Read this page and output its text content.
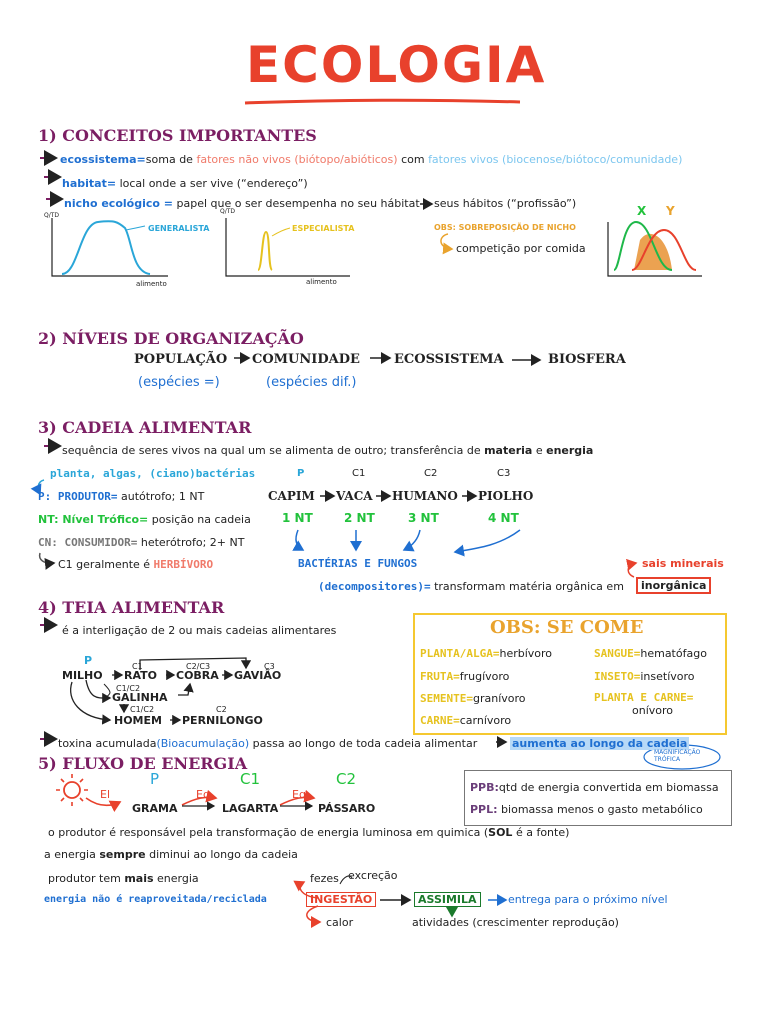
ECOLOGIA
1) CONCEITOS IMPORTANTES
ecossistema=soma de fatores não vivos (biótopo/abióticos) com fatores vivos (biocenose/biótoco/comunidade)
habitat= local onde a ser vive (“endereço”)
nicho ecológico = papel que o ser desempenha no seu hábitat seus hábitos (“profissão”)
Q/TD
alimento
GENERALISTA
Q/TD
alimento
ESPECIALISTA	OBS: SOBREPOSIÇÃO DE NICHO
competição por comida
X Y
2) NÍVEIS DE ORGANIZAÇÃO
POPULAÇÃO COMUNIDADE	ECOSSISTEMA	BIOSFERA
(espécies =)	(espécies dif.)
3) CADEIA ALIMENTAR
sequência de seres vivos na qual um se alimenta de outro; transferência de materia e energia
planta, algas, (ciano)bactérias
P: PRODUTOR= autótrofo; 1 NT
NT: Nível Trófico= posição na cadeia
CN: CONSUMIDOR= heterótrofo; 2+ NT
C1 geralmente é HERBÍVORO
P	C1	C2	C3
CAPIM VACA HUMANO PIOLHO
1 NT	2 NT	3 NT	4 NT
BACTÉRIAS E FUNGOS
(decompositores)= transformam matéria orgânica em	inorgânica
sais minerais
4) TEIA ALIMENTAR
é a interligação de 2 ou mais cadeias alimentares
P	C1	C2/C3	C3
MILHO RATO COBRA GAVIÃO
C1/C2
GALINHA
C1/C2	C2
HOMEM PERNILONGO
OBS: SE COME
PLANTA/ALGA=herbívoro	SANGUE=hematófago
FRUTA=frugívoro	INSETO=insetívoro
SEMENTE=granívoro	PLANTA E CARNE=
onívoro
CARNE=carnívoro
toxina acumulada(Bioacumulação) passa ao longo de toda cadeia alimentar	aumenta ao longo da cadeia
MAGNIFICAÇÃO TRÓFICA
5) FLUXO DE ENERGIA
P	C1	C2
El	Eq	Eq
GRAMA	LAGARTA	PÁSSARO
PPB:qtd de energia convertida em biomassa
PPL: biomassa menos o gasto metabólico
o produtor é responsável pela transformação de energia luminosa em quimica (SOL é a fonte)
a energia sempre diminui ao longo da cadeia
produtor tem mais energia
energia não é reaproveitada/reciclada
fezes excreção
INGESTÃO	ASSIMILA	entrega para o próximo nível
calor	atividades (crescimenter reprodução)
